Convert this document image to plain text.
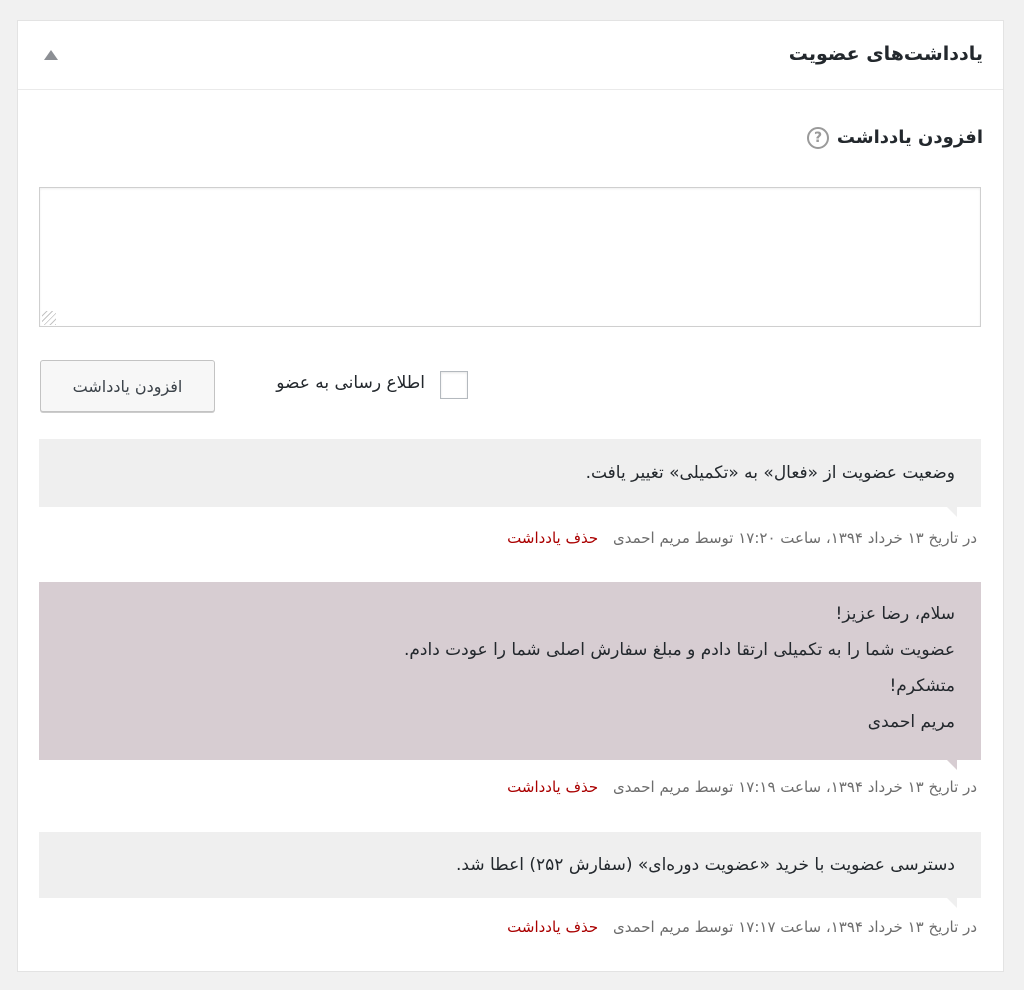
یادداشت‌های عضویت
افزودن یادداشت
?
اطلاع رسانی به عضو
افزودن یادداشت
وضعیت عضویت از «فعال» به «تکمیلی» تغییر یافت.
در تاریخ ۱۳ خرداد ۱۳۹۴، ساعت ۱۷:۲۰ توسط مریم احمدی حذف یادداشت
سلام، رضا عزیز!
عضویت شما را به تکمیلی ارتقا دادم و مبلغ سفارش اصلی شما را عودت دادم.
متشکرم!
مریم احمدی
در تاریخ ۱۳ خرداد ۱۳۹۴، ساعت ۱۷:۱۹ توسط مریم احمدی حذف یادداشت
دسترسی عضویت با خرید «عضویت دوره‌ای» (سفارش ۲۵۲) اعطا شد.
در تاریخ ۱۳ خرداد ۱۳۹۴، ساعت ۱۷:۱۷ توسط مریم احمدی حذف یادداشت
